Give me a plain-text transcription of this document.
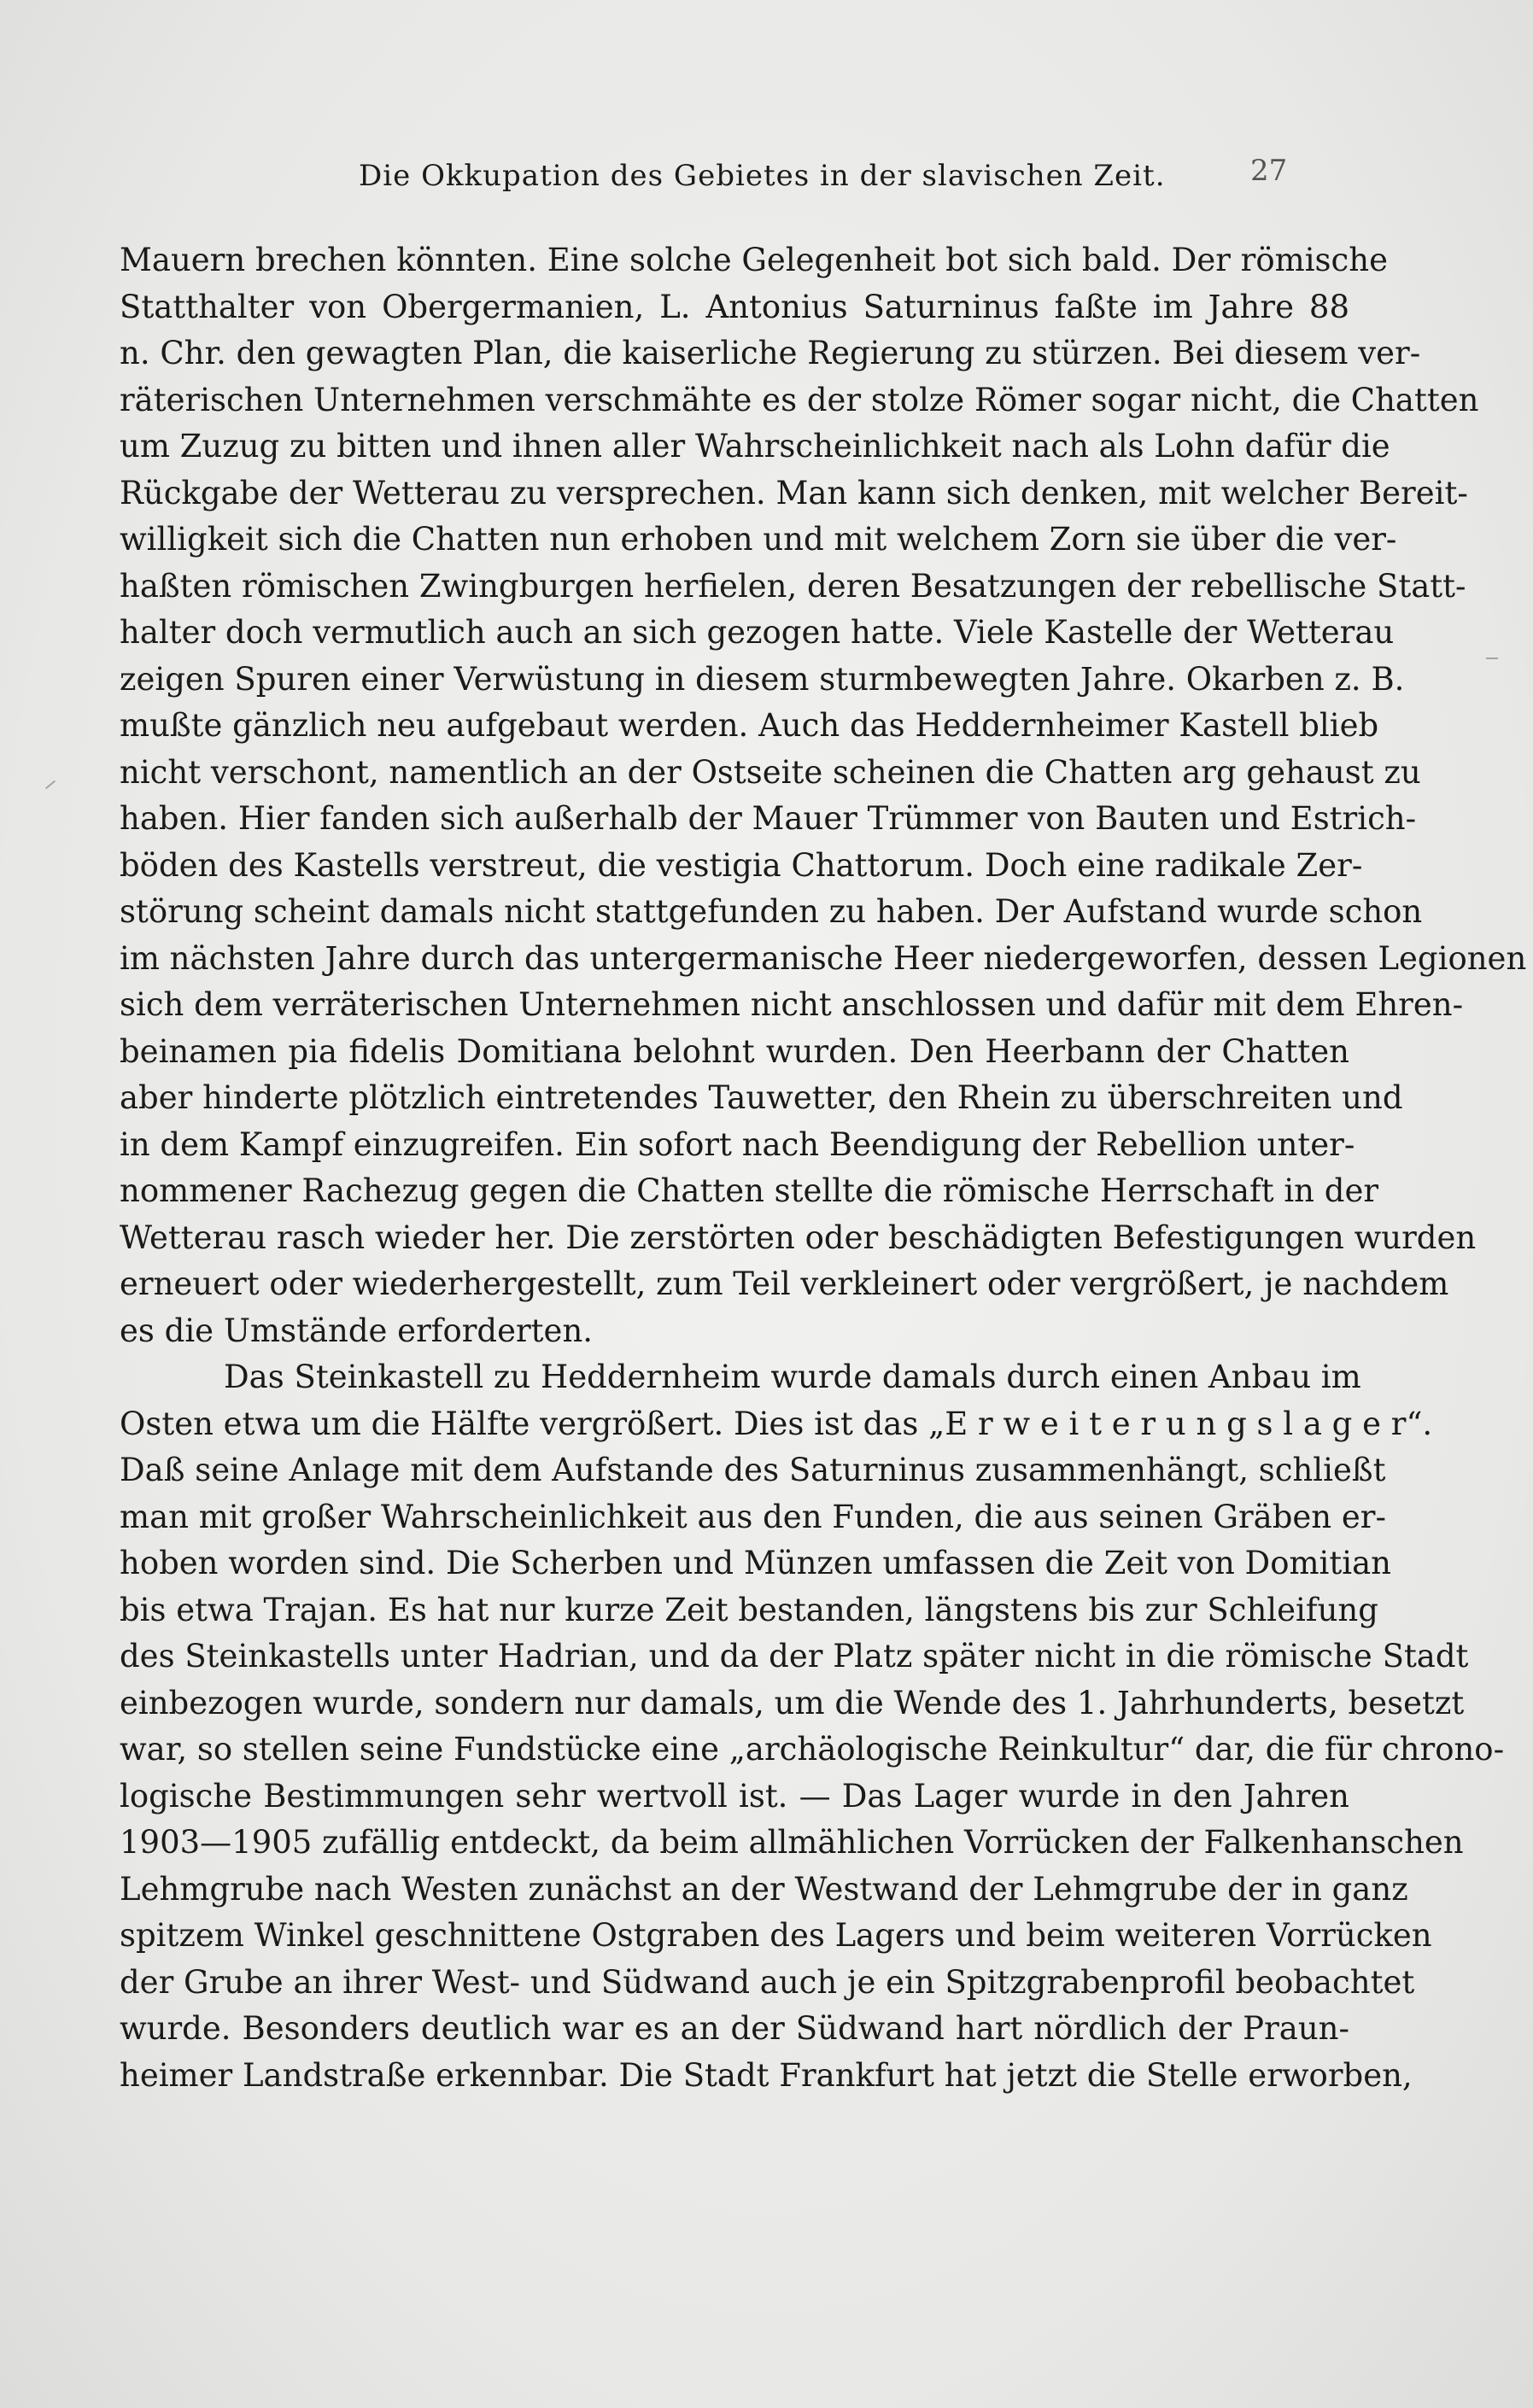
Die Okkupation des Gebietes in der slavischen Zeit.	27
Mauern brechen könnten. Eine solche Gelegenheit bot sich bald. Der römische
Statthalter von Obergermanien, L. Antonius Saturninus faßte im Jahre 88
n. Chr. den gewagten Plan, die kaiserliche Regierung zu stürzen. Bei diesem ver-
räterischen Unternehmen verschmähte es der stolze Römer sogar nicht, die Chatten
um Zuzug zu bitten und ihnen aller Wahrscheinlichkeit nach als Lohn dafür die
Rückgabe der Wetterau zu versprechen. Man kann sich denken, mit welcher Bereit-
willigkeit sich die Chatten nun erhoben und mit welchem Zorn sie über die ver-
haßten römischen Zwingburgen herfielen, deren Besatzungen der rebellische Statt-
halter doch vermutlich auch an sich gezogen hatte. Viele Kastelle der Wetterau
zeigen Spuren einer Verwüstung in diesem sturmbewegten Jahre. Okarben z. B.
mußte gänzlich neu aufgebaut werden. Auch das Heddernheimer Kastell blieb
nicht verschont, namentlich an der Ostseite scheinen die Chatten arg gehaust zu
haben. Hier fanden sich außerhalb der Mauer Trümmer von Bauten und Estrich-
böden des Kastells verstreut, die vestigia Chattorum. Doch eine radikale Zer-
störung scheint damals nicht stattgefunden zu haben. Der Aufstand wurde schon
im nächsten Jahre durch das untergermanische Heer niedergeworfen, dessen Legionen
sich dem verräterischen Unternehmen nicht anschlossen und dafür mit dem Ehren-
beinamen pia fidelis Domitiana belohnt wurden. Den Heerbann der Chatten
aber hinderte plötzlich eintretendes Tauwetter, den Rhein zu überschreiten und
in dem Kampf einzugreifen. Ein sofort nach Beendigung der Rebellion unter-
nommener Rachezug gegen die Chatten stellte die römische Herrschaft in der
Wetterau rasch wieder her. Die zerstörten oder beschädigten Befestigungen wurden
erneuert oder wiederhergestellt, zum Teil verkleinert oder vergrößert, je nachdem
es die Umstände erforderten.
Das Steinkastell zu Heddernheim wurde damals durch einen Anbau im
Osten etwa um die Hälfte vergrößert. Dies ist das „E r w e i t e r u n g s l a g e r“.
Daß seine Anlage mit dem Aufstande des Saturninus zusammenhängt, schließt
man mit großer Wahrscheinlichkeit aus den Funden, die aus seinen Gräben er-
hoben worden sind. Die Scherben und Münzen umfassen die Zeit von Domitian
bis etwa Trajan. Es hat nur kurze Zeit bestanden, längstens bis zur Schleifung
des Steinkastells unter Hadrian, und da der Platz später nicht in die römische Stadt
einbezogen wurde, sondern nur damals, um die Wende des 1. Jahrhunderts, besetzt
war, so stellen seine Fundstücke eine „archäologische Reinkultur“ dar, die für chrono-
logische Bestimmungen sehr wertvoll ist. — Das Lager wurde in den Jahren
1903—1905 zufällig entdeckt, da beim allmählichen Vorrücken der Falkenhanschen
Lehmgrube nach Westen zunächst an der Westwand der Lehmgrube der in ganz
spitzem Winkel geschnittene Ostgraben des Lagers und beim weiteren Vorrücken
der Grube an ihrer West- und Südwand auch je ein Spitzgrabenprofil beobachtet
wurde. Besonders deutlich war es an der Südwand hart nördlich der Praun-
heimer Landstraße erkennbar. Die Stadt Frankfurt hat jetzt die Stelle erworben,
